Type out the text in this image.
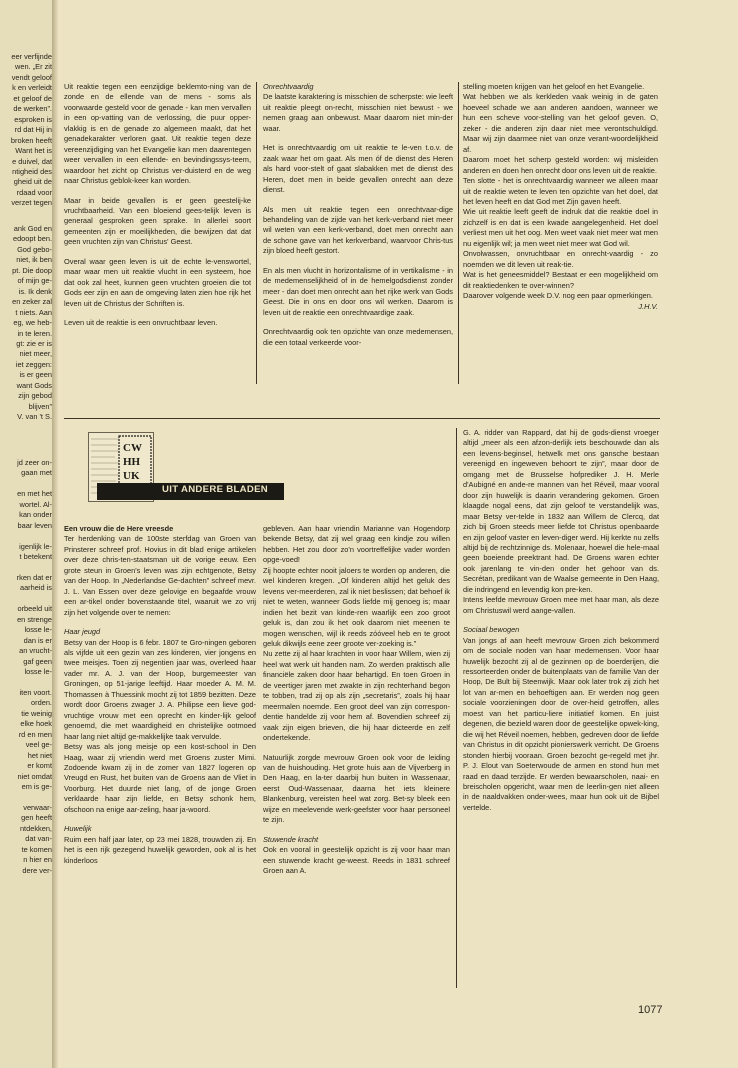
eer verfijnde
wen. „Er zit
vendt geloof
k en verleidt
et geloof de
de werken”.
esproken is
rd dat Hij in
broken heeft
Want het is
e duivel, dat
ntigheid des
gheid uit de
rdaad voor
verzet tegen
ank God en
edoopt ben.
God gebo-
niet, ik ben
pt. Die doop
of mijn ge-
is. Ik denk
en zeker zal
t niets. Aan
eg, we heb-
in te leren.
gt: zie er is
niet meer,
iet zeggen:
is er geen
want Gods
zijn gebod
blijven”
V. van 't S.
jd zeer on-
gaan met

en met het
wortel. Al-
kan onder
baar leven

igenlijk le-
t betekent

rken dat er
aarheid is

orbeeld uit
en strenge
losse le-
dan is er
an vrucht-
gaf geen
losse le-

iten voort.
orden.
tie weinig
elke hoek
rd en men
veel ge-
het niet
er komt
niet omdat
em is ge-

verwaar-
gen heeft
ntdekken,
dat van-
te komen
n hier en
dere ver-

Uit reaktie tegen een eenzijdige beklemto-ning van de zonde en de ellende van de mens - soms als voorwaarde gesteld voor de genade - kan men vervallen in een op-vatting van de verlossing, die puur opper-vlakkig is en de genade zo algemeen maakt, dat het genadekarakter verloren gaat. Uit reaktie tegen deze vereenzijdiging van het Evangelie kan men daarentegen weer vervallen in een ellende- en bevindingssys-teem, waardoor het zicht op Christus ver-duisterd en de weg naar Christus geblok-keer kan worden.

Maar in beide gevallen is er geen geestelij-ke vruchtbaarheid. Van een bloeiend gees-telijk leven is generaal gesproken geen sprake. In allerlei soort gemeenten zijn er moeilijkheden, die bewijzen dat dat geen vruchten zijn van Christus' Geest.

Overal waar geen leven is uit de echte le-venswortel, maar waar men uit reaktie vlucht in een systeem, hoe dat ook zal heet, kunnen geen vruchten groeien die tot Gods eer zijn en aan de omgeving laten zien hoe rijk het leven uit de Christus der Schriften is.

Leven uit de reaktie is een onvruchtbaar leven.

Onrechtvaardig

De laatste karaktering is misschien de scherpste: wie leeft uit reaktie pleegt on-recht, misschien niet bewust - we nemen graag aan onbewust. Maar daarom niet min-der waar.

Het is onrechtvaardig om uit reaktie te le-ven t.o.v. de zaak waar het om gaat. Als men óf de dienst des Heren als hard voor-stelt of gaat slabakken met de dienst des Heren, doet men in beide gevallen onrecht aan deze dienst.

Als men uit reaktie tegen een onrechtvaar-dige behandeling van de zijde van het kerk-verband niet meer wil weten van een kerk-verband, doet men onrecht aan de schone gave van het kerkverband, waarvoor Chris-tus zijn bloed heeft gestort.

En als men vlucht in horizontalisme of in vertikalisme - in de medemenselijkheid of in de hemelgodsdienst zonder meer - dan doet men onrecht aan het rijke werk van Gods Geest. Die in ons en door ons wil werken. Daarom is leven uit de reaktie een onrechtvaardige zaak.

Onrechtvaardig ook ten opzichte van onze medemensen, die een totaal verkeerde voor-

stelling moeten krijgen van het geloof en het Evangelie.

Wat hebben we als kerkleden vaak weinig in de gaten hoeveel schade we aan anderen aandoen, wanneer we hun een scheve voor-stelling van het geloof geven. O, zeker - die anderen zijn daar niet mee verontschuldigd. Maar wij zijn daarmee niet van onze verant-woordelijkheid af.

Daarom moet het scherp gesteld worden: wij misleiden anderen en doen hen onrecht door ons leven uit de reaktie.

Ten slotte - het is onrechtvaardig wanneer we alleen maar uit de reaktie weten te leven ten opzichte van het doel, dat het leven heeft en dat God met Zijn gaven heeft.

Wie uit reaktie leeft geeft de indruk dat die reaktie doel in zichzelf is en dat is een kwade aangelegenheid. Het doel verliest men uit het oog. Men weet vaak niet meer wat men nu eigenlijk wil; ja men weet niet meer wat God wil.

Onvolwassen, onvruchtbaar en onrecht-vaardig - zo noemden we dit leven uit reak-tie.

Wat is het geneesmiddel? Bestaat er een mogelijkheid om dit reaktiedenken te over-winnen?

Daarover volgende week D.V. nog een paar opmerkingen.

J.H.V.
CW
HH
UK
UIT ANDERE BLADEN
Een vrouw die de Here vreesde

Ter herdenking van de 100ste sterfdag van Groen van Prinsterer schreef prof. Hovius in dit blad enige artikelen over deze chris-ten-staatsman uit de vorige eeuw. Een grote steun in Groen's leven was zijn echtgenote, Betsy van der Hoop. In „Nederlandse Ge-dachten” schreef mevr. J. L. Van Essen over deze gelovige en begaafde vrouw een ar-tikel onder bovenstaande titel, waaruit we zo vrij zijn het volgende over te nemen:

Haar jeugd

Betsy van der Hoop is 6 febr. 1807 te Gro-ningen geboren als vijfde uit een gezin van zes kinderen, vier jongens en twee meisjes. Toen zij negentien jaar was, overleed haar vader mr. A. J. van der Hoop, burgemeester van Groningen, op 51-jarige leeftijd. Haar moeder A. M. M. Thomassen à Thuessink mocht zij tot 1859 bezitten. Deze wordt door Groens zwager J. A. Philipse een lieve god-vruchtige vrouw met een oprecht en kinder-lijk geloof genoemd, die met waardigheid en christelijke ootmoed haar lang niet altijd ge-makkelijke taak vervulde.

Betsy was als jong meisje op een kost-school in Den Haag, waar zij vriendin werd met Groens zuster Mimi. Zodoende kwam zij in de zomer van 1827 logeren op Vreugd en Rust, het buiten van de Groens aan de Vliet in Voorburg. Het duurde niet lang, of de jonge Groen verklaarde haar zijn liefde, en Betsy schonk hem, ofschoon na enige aar-zeling, haar ja-woord.

Huwelijk

Ruim een half jaar later, op 23 mei 1828, trouwden zij. En het is een rijk gezegend huwelijk geworden, ook al is het kinderloos

gebleven. Aan haar vriendin Marianne van Hogendorp bekende Betsy, dat zij wel graag een kindje zou willen hebben. Het zou door zo'n voortreffelijke vader worden opge-voed!

Zij hoopte echter nooit jaloers te worden op anderen, die wel kinderen kregen. „Of kinderen altijd het geluk des levens ver-meerderen, zal ik niet beslissen; dat behoef ik niet te weten, wanneer Gods liefde mij genoeg is; maar indien het bezit van kinde-ren waarlijk een zoo groot geluk is, dan zou ik het ook daarom niet meenen te mogen wenschen, wijl ik reeds zóóveel heb en te groot geluk dikwijls eene zeer groote ver-zoeking is.”

Nu zette zij al haar krachten in voor haar Willem, wien zij heel wat werk uit handen nam. Zo werden praktisch alle financiële zaken door haar behartigd. En toen Groen in de veertiger jaren met zwakte in zijn rechterhand begon te tobben, trad zij op als zijn „secretaris”, zoals hij haar meermalen noemde. Een groot deel van zijn correspon-dentie handelde zij voor hem af. Bovendien schreef zij vaak zijn eigen brieven, die hij haar dicteerde en zelf ondertekende.

Natuurlijk zorgde mevrouw Groen ook voor de leiding van de huishouding. Het grote huis aan de Vijverberg in Den Haag, en la-ter daarbij hun buiten in Wassenaar, eerst Oud-Wassenaar, daarna het iets kleinere Blankenburg, vereisten heel wat zorg. Bet-sy bleek een wijze en meelevende werk-geefster voor haar personeel te zijn.

Stuwende kracht

Ook en vooral in geestelijk opzicht is zij voor haar man een stuwende kracht ge-weest. Reeds in 1831 schreef Groen aan A.

G. A. ridder van Rappard, dat hij de gods-dienst vroeger altijd „meer als een afzon-derlijk iets beschouwde dan als een levens-beginsel, hetwelk met ons gansche bestaan vereenigd en ingeweven behoort te zijn”, maar door de omgang met de Brusselse hofprediker J. H. Merle d'Aubigné en ande-re mannen van het Réveil, maar vooral door zijn huwelijk is daarin verandering gekomen. Groen klaagde nogal eens, dat zijn geloof te verstandelijk was, maar Betsy ver-telde in 1832 aan Willem de Clercq, dat zich bij Groen steeds meer liefde tot Christus openbaarde en zijn geloof vaster en leven-diger werd. Hij kerkte nu zelfs altijd bij de rechtzinnige ds. Molenaar, hoewel die hele-maal geen boeiende preektrant had. De Groens waren echter ook jarenlang te vin-den onder het gehoor van ds. Secrétan, predikant van de Waalse gemeente in Den Haag, die indringend en levendig kon pre-ken.

Intens leefde mevrouw Groen mee met haar man, als deze om Christuswil werd aange-vallen.

Sociaal bewogen

Van jongs af aan heeft mevrouw Groen zich bekommerd om de sociale noden van haar medemensen. Voor haar huwelijk bezocht zij al de gezinnen op de boerderijen, die ressorteerden onder de buitenplaats van de familie Van der Hoop, De Bult bij Steenwijk. Maar ook later trok zij zich het lot van ar-men en behoeftigen aan. Er werden nog geen sociale voorzieningen door de over-heid getroffen, alles moest van het particu-liere initiatief komen. En juist degenen, die bezield waren door de geestelijke opwek-king, die wij het Réveil noemen, hebben, gedreven door de liefde van Christus in dit opzicht pionierswerk verricht. De Groens stonden hierbij vooraan. Groen bezocht ge-regeld met jhr. P. J. Elout van Soeterwoude de armen en stond hun met raad en daad terzijde. Er werden bewaarscholen, naai- en breischolen opgericht, waar men de leerlin-gen niet alleen in de naaldvakken onder-wees, maar hun ook uit de Bijbel vertelde.

1077
